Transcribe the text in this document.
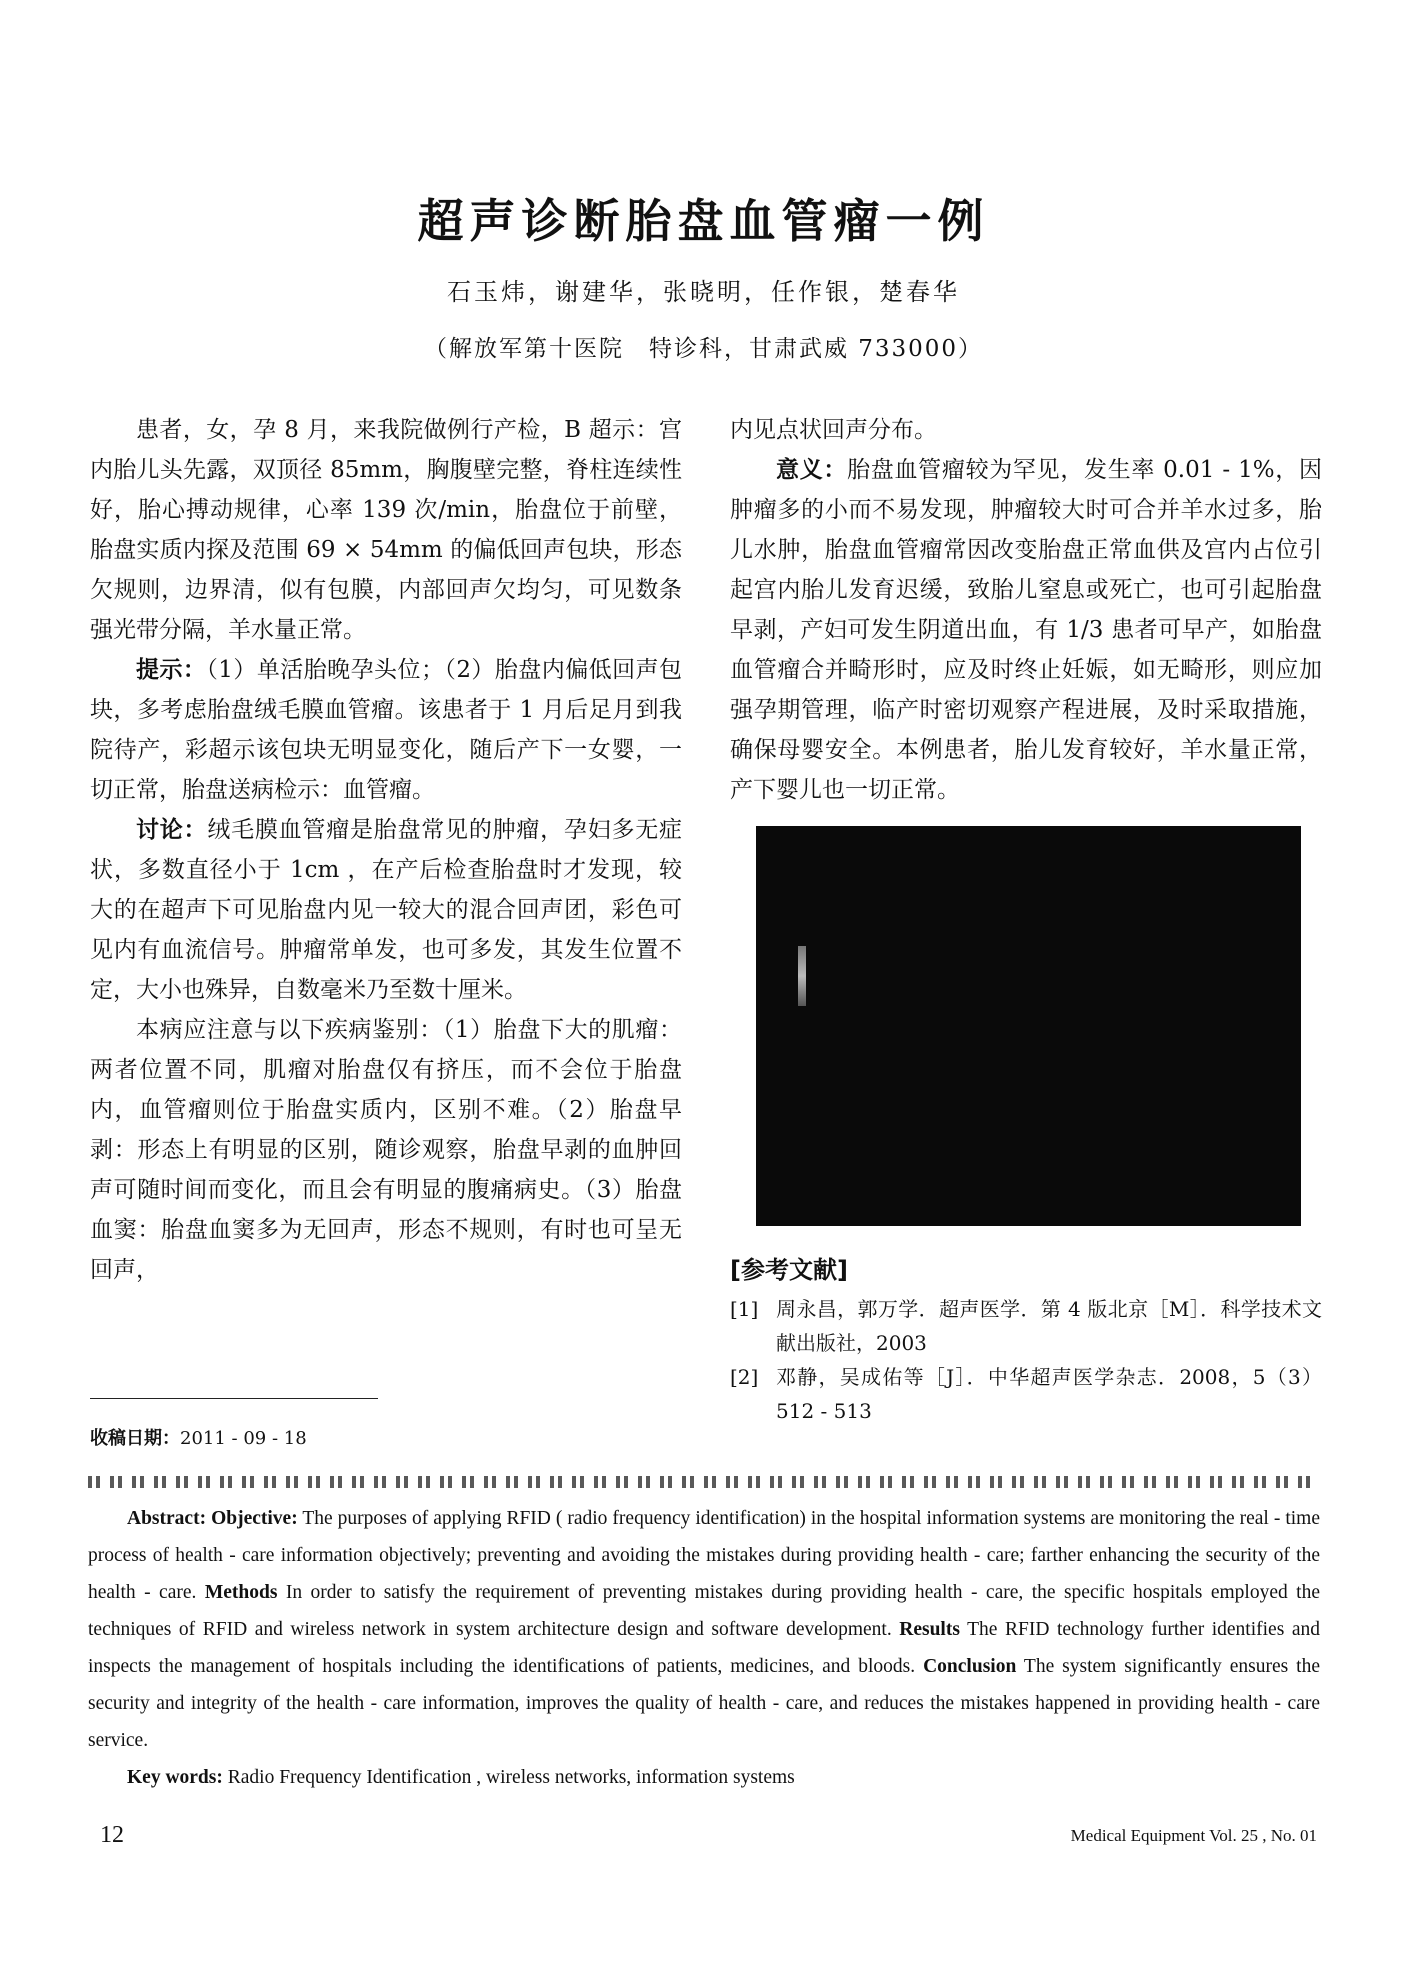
超声诊断胎盘血管瘤一例
石玉炜，谢建华，张晓明，任作银，楚春华
（解放军第十医院　特诊科，甘肃武威 733000）

患者，女，孕 8 月，来我院做例行产检，B 超示：宫内胎儿头先露，双顶径 85mm，胸腹壁完整，脊柱连续性好，胎心搏动规律，心率 139 次/min，胎盘位于前壁，胎盘实质内探及范围 69 × 54mm 的偏低回声包块，形态欠规则，边界清，似有包膜，内部回声欠均匀，可见数条强光带分隔，羊水量正常。

提示：（1）单活胎晚孕头位；（2）胎盘内偏低回声包块，多考虑胎盘绒毛膜血管瘤。该患者于 1 月后足月到我院待产，彩超示该包块无明显变化，随后产下一女婴，一切正常，胎盘送病检示：血管瘤。

讨论：绒毛膜血管瘤是胎盘常见的肿瘤，孕妇多无症状，多数直径小于 1cm ，在产后检查胎盘时才发现，较大的在超声下可见胎盘内见一较大的混合回声团，彩色可见内有血流信号。肿瘤常单发，也可多发，其发生位置不定，大小也殊异，自数毫米乃至数十厘米。

本病应注意与以下疾病鉴别：（1）胎盘下大的肌瘤：两者位置不同，肌瘤对胎盘仅有挤压，而不会位于胎盘内，血管瘤则位于胎盘实质内，区别不难。（2）胎盘早剥：形态上有明显的区别，随诊观察，胎盘早剥的血肿回声可随时间而变化，而且会有明显的腹痛病史。（3）胎盘血窦：胎盘血窦多为无回声，形态不规则，有时也可呈无回声，

内见点状回声分布。

意义：胎盘血管瘤较为罕见，发生率 0.01 - 1%，因肿瘤多的小而不易发现，肿瘤较大时可合并羊水过多，胎儿水肿，胎盘血管瘤常因改变胎盘正常血供及宫内占位引起宫内胎儿发育迟缓，致胎儿窒息或死亡，也可引起胎盘早剥，产妇可发生阴道出血，有 1/3 患者可早产，如胎盘血管瘤合并畸形时，应及时终止妊娠，如无畸形，则应加强孕期管理，临产时密切观察产程进展，及时采取措施，确保母婴安全。本例患者，胎儿发育较好，羊水量正常，产下婴儿也一切正常。

[参考文献]
[1] 周永昌，郭万学．超声医学．第 4 版北京［M］．科学技术文献出版社，2003
[2] 邓静，吴成佑等［J］．中华超声医学杂志．2008，5（3）512 - 513
收稿日期：2011 - 09 - 18

Abstract: Objective: The purposes of applying RFID ( radio frequency identification) in the hospital information systems are monitoring the real - time process of health - care information objectively; preventing and avoiding the mistakes during providing health - care; farther enhancing the security of the health - care. Methods In order to satisfy the requirement of preventing mistakes during providing health - care, the specific hospitals employed the techniques of RFID and wireless network in system architecture design and software development. Results The RFID technology further identifies and inspects the management of hospitals including the identifications of patients, medicines, and bloods. Conclusion The system significantly ensures the security and integrity of the health - care information, improves the quality of health - care, and reduces the mistakes happened in providing health - care service.

Key words: Radio Frequency Identification , wireless networks, information systems

12	Medical Equipment Vol. 25 , No. 01
